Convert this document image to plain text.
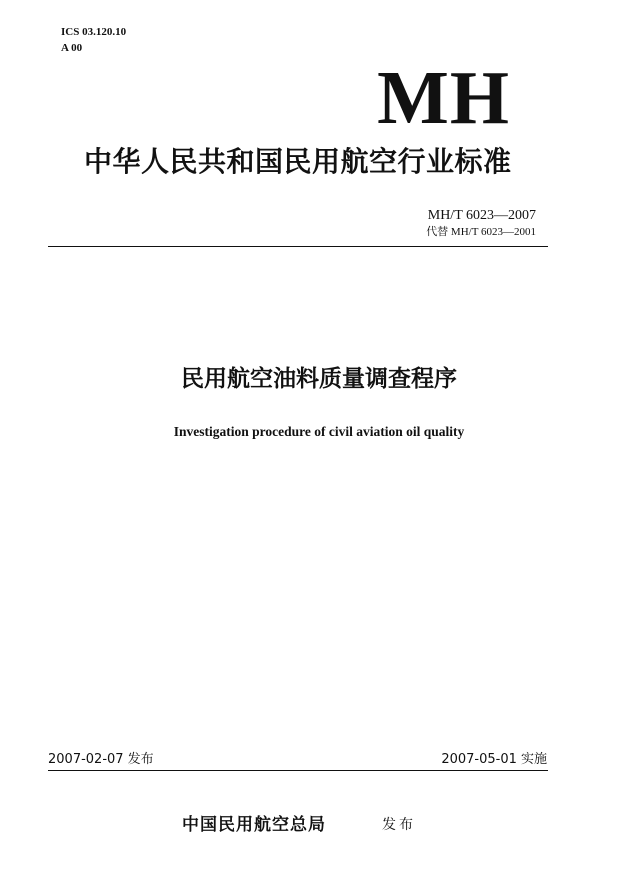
ICS 03.120.10
A 00
MH
中华人民共和国民用航空行业标准
MH/T 6023—2007
代替 MH/T 6023—2001
民用航空油料质量调查程序
Investigation procedure of civil aviation oil quality
2007-02-07 发布	2007-05-01 实施
中国民用航空总局	发布
